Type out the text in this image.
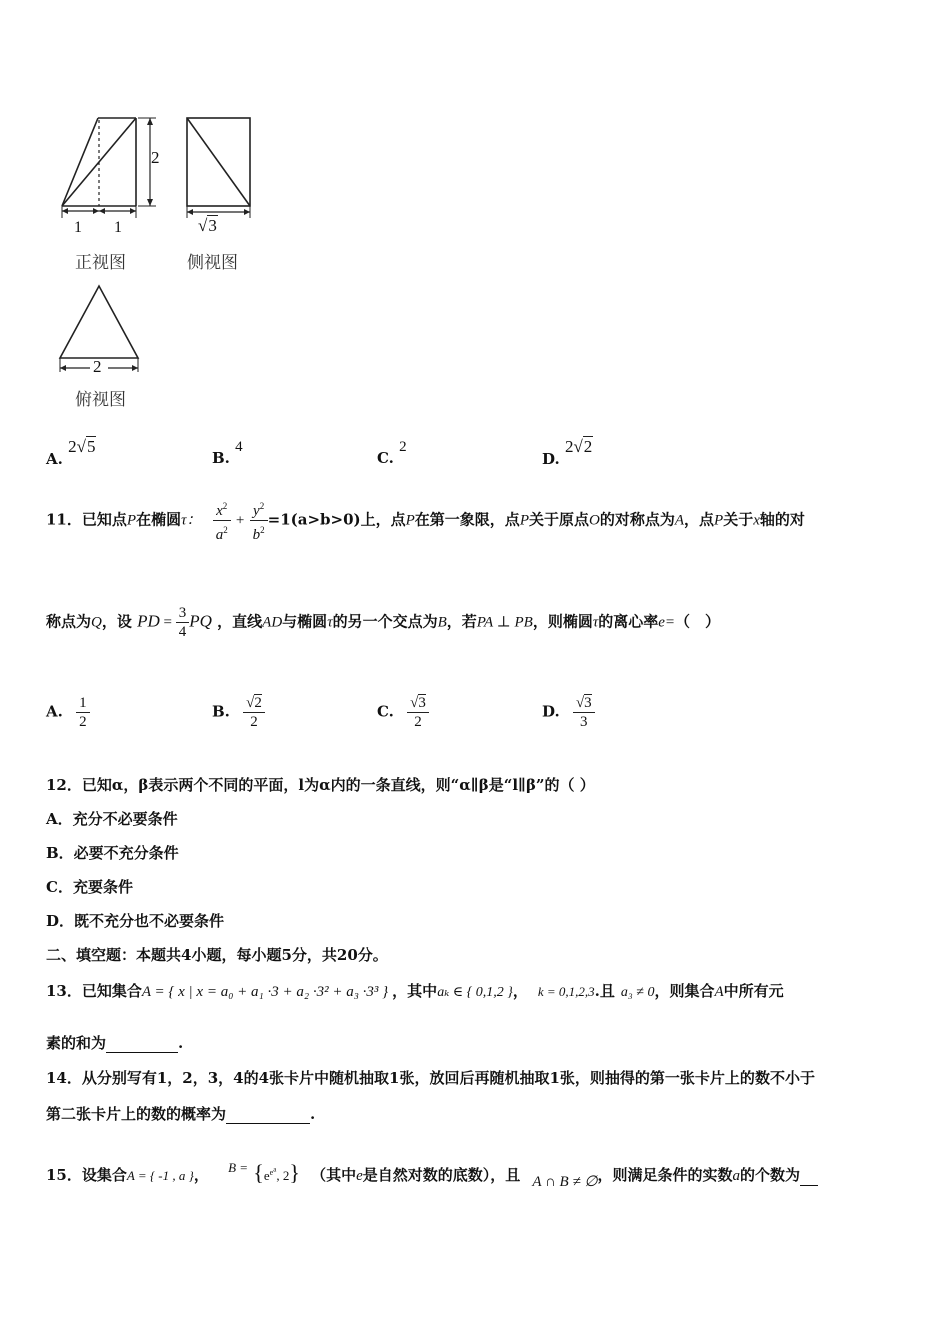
1 1
2
正视图
√3
侧视图
2
俯视图
A. 2√5
B. 4
C. 2
D. 2√2
11．已知点P在椭圆τ： $\frac{x^2}{a^2} + \frac{y^2}{b^2} =1(a>b>0)$上，点P在第一象限，点P关于原点O的对称点为A，点P关于x轴的对
称点为Q，设 PD = $\frac{3}{4}$ PQ ，直线AD与椭圆τ的另一个交点为B，若PA ⊥ PB，则椭圆τ的离心率e=（　）
A. $\frac{1}{2}$	B. $\frac{√2}{2}$	C. $\frac{√3}{2}$	D. $\frac{√3}{3}$
12．已知α，β表示两个不同的平面，l为α内的一条直线，则“α∥β是“l∥β”的（ ）
A．充分不必要条件
B．必要不充分条件
C．充要条件
D．既不充分也不必要条件
二、填空题：本题共4小题，每小题5分，共20分。
13．已知集合A = { x | x = a₀ + a₁ ·3 + a₂ ·3² + a₃ ·3³ } ，其中aₖ ∈ { 0,1,2 }， k = 0,1,2,3.且 a₃ ≠ 0，则集合A中所有元
素的和为	.
14．从分别写有1，2，3，4的4张卡片中随机抽取1张，放回后再随机抽取1张，则抽得的第一张卡片上的数不小于
第二张卡片上的数的概率为	.
15．设集合A = { -1 , a }， $B = \{e^{e^a}$, 2} （其中e是自然对数的底数），且 A ∩ B ≠ ∅，则满足条件的实数a的个数为
